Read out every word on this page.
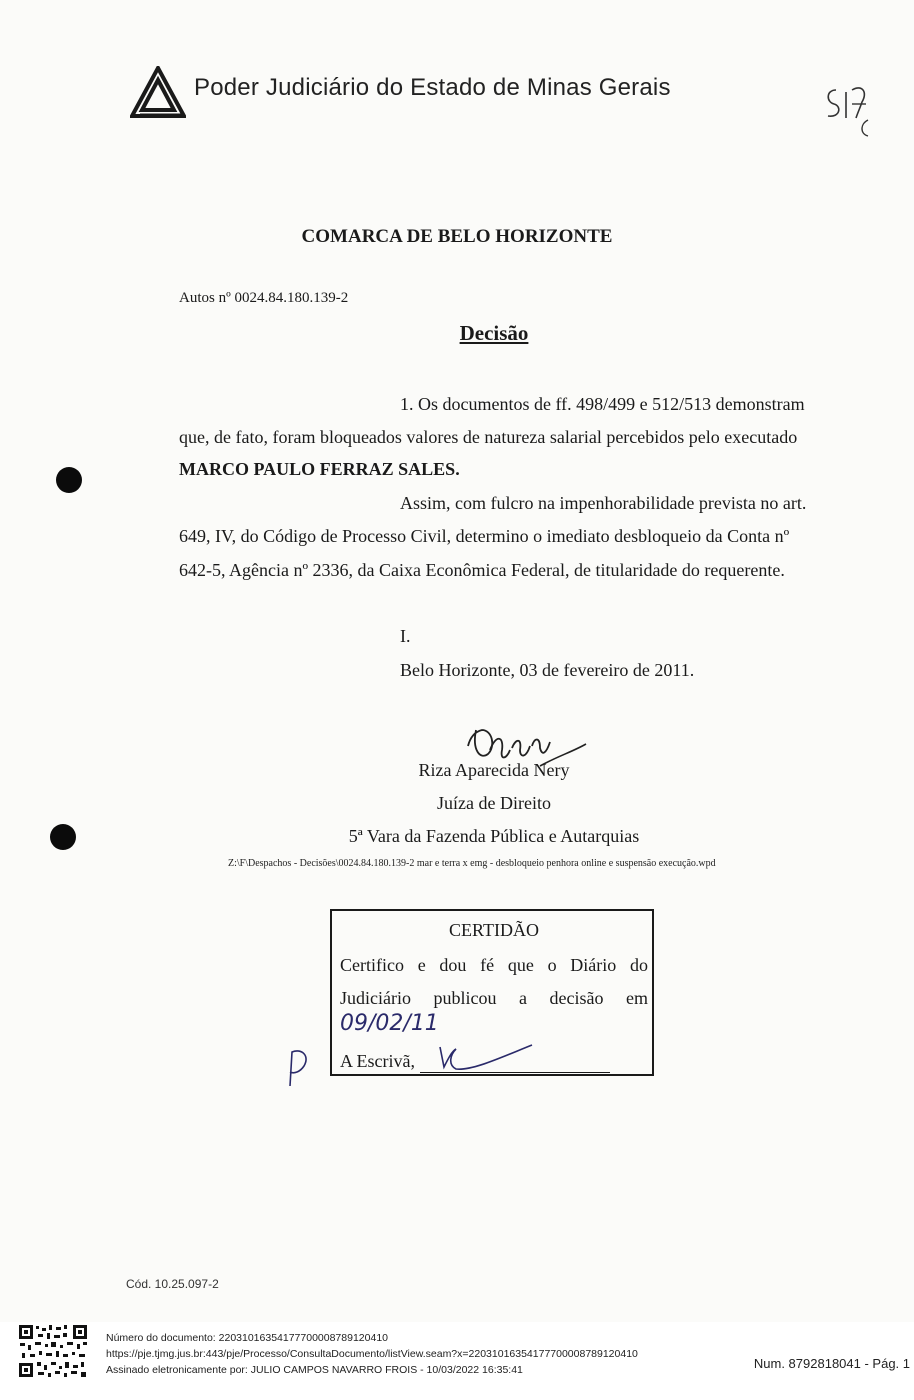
Poder Judiciário do Estado de Minas Gerais
COMARCA DE BELO HORIZONTE
Autos nº 0024.84.180.139-2
Decisão
1. Os documentos de ff. 498/499 e 512/513 demonstram
que, de fato, foram bloqueados valores de natureza salarial percebidos pelo executado
MARCO PAULO FERRAZ SALES.
Assim, com fulcro na impenhorabilidade prevista no art.
649, IV, do Código de Processo Civil, determino o imediato desbloqueio da Conta nº
642-5, Agência nº 2336, da Caixa Econômica Federal, de titularidade do requerente.
I.
Belo Horizonte, 03 de fevereiro de 2011.
Riza Aparecida Nery
Juíza de Direito
5ª Vara da Fazenda Pública e Autarquias
Z:\F\Despachos - Decisões\0024.84.180.139-2 mar e terra x emg - desbloqueio penhora online e suspensão execução.wpd
CERTIDÃO
Certifico e dou fé que o Diário do
Judiciário publicou a decisão em
09/02/11
A Escrivã,
Cód. 10.25.097-2
Número do documento: 22031016354177700008789120410
https://pje.tjmg.jus.br:443/pje/Processo/ConsultaDocumento/listView.seam?x=22031016354177700008789120410
Assinado eletronicamente por: JULIO CAMPOS NAVARRO FROIS - 10/03/2022 16:35:41	Num. 8792818041 - Pág. 1
